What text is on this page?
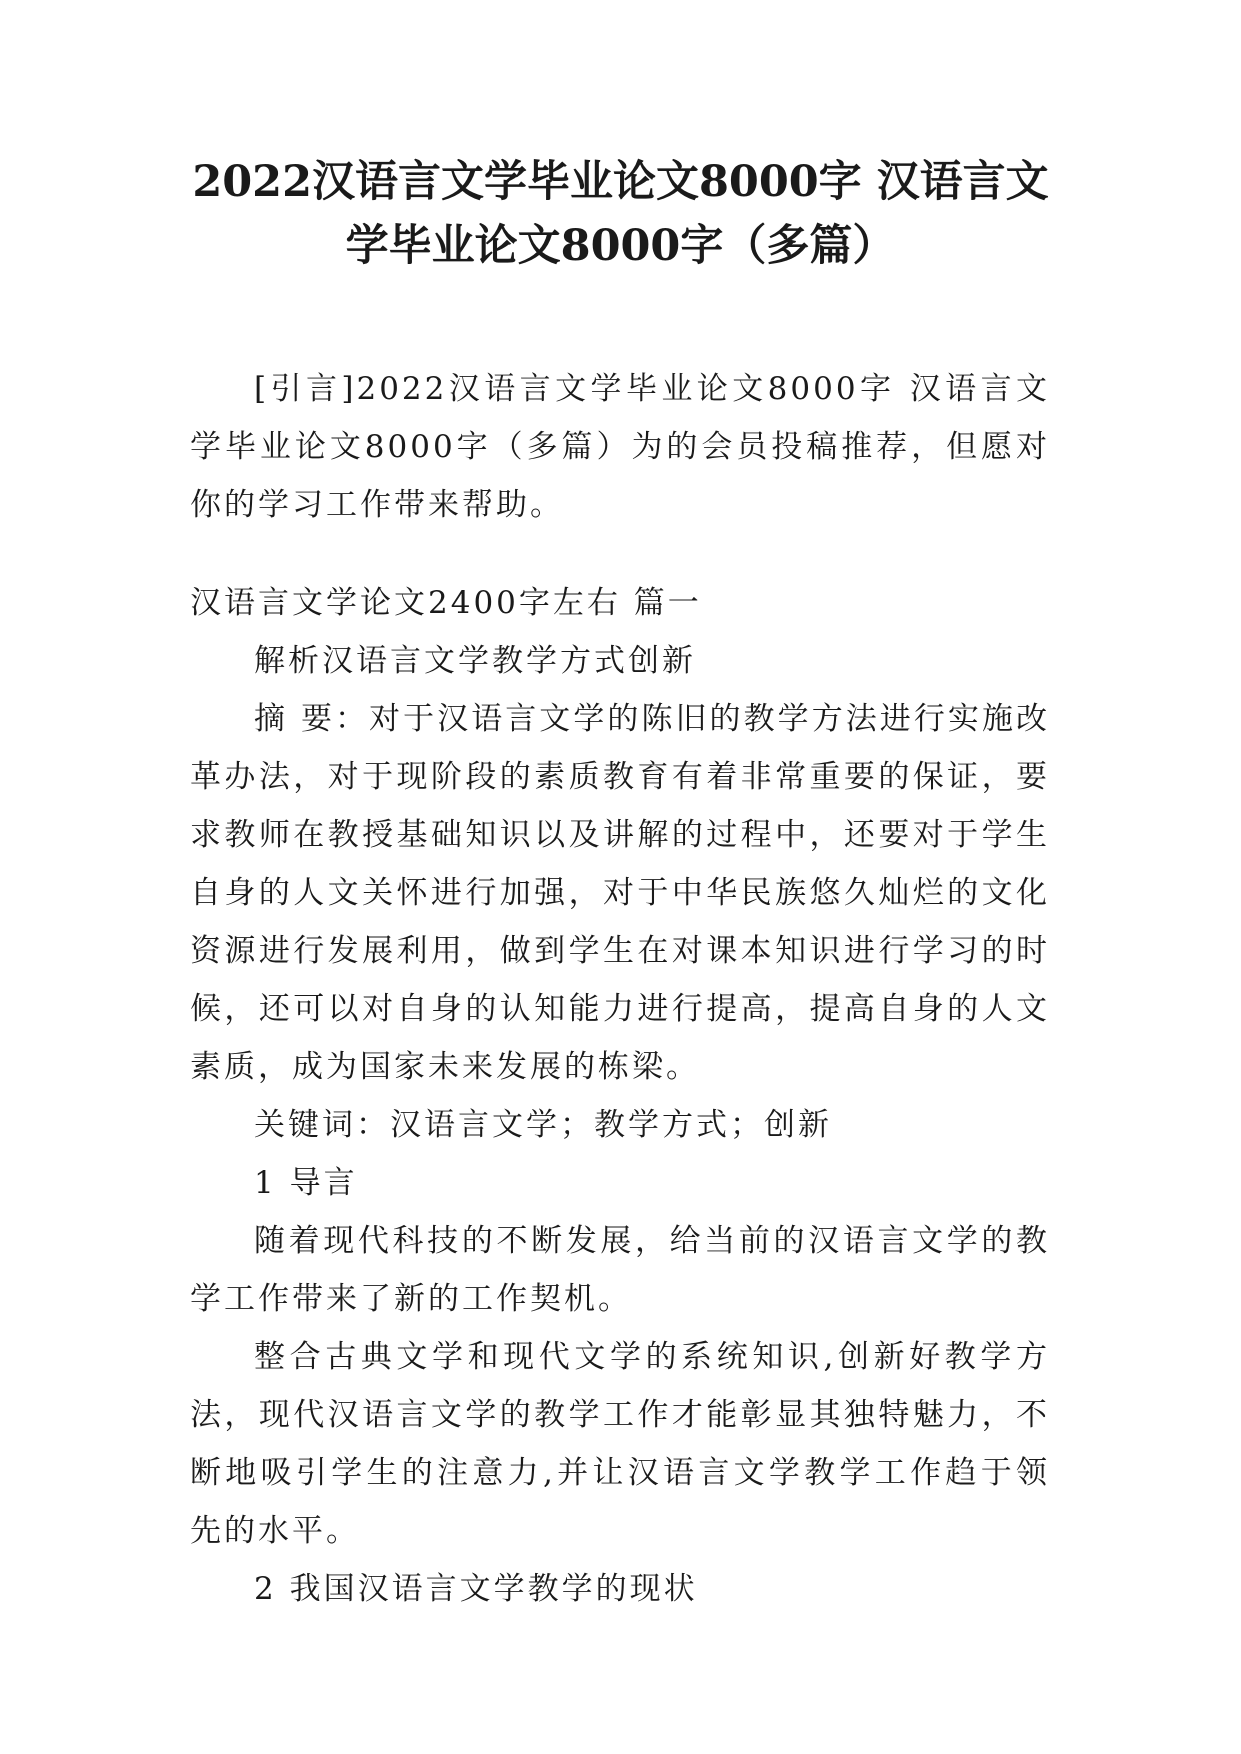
2022汉语言文学毕业论文8000字 汉语言文
学毕业论文8000字（多篇）

[引言]2022汉语言文学毕业论文8000字 汉语言文学毕业论文8000字（多篇）为的会员投稿推荐，但愿对你的学习工作带来帮助。

汉语言文学论文2400字左右 篇一

解析汉语言文学教学方式创新

摘 要：对于汉语言文学的陈旧的教学方法进行实施改革办法，对于现阶段的素质教育有着非常重要的保证，要求教师在教授基础知识以及讲解的过程中，还要对于学生自身的人文关怀进行加强，对于中华民族悠久灿烂的文化资源进行发展利用，做到学生在对课本知识进行学习的时候，还可以对自身的认知能力进行提高，提高自身的人文素质，成为国家未来发展的栋梁。

关键词：汉语言文学；教学方式；创新

1 导言

随着现代科技的不断发展，给当前的汉语言文学的教学工作带来了新的工作契机。

整合古典文学和现代文学的系统知识,创新好教学方法，现代汉语言文学的教学工作才能彰显其独特魅力，不断地吸引学生的注意力,并让汉语言文学教学工作趋于领先的水平。

2 我国汉语言文学教学的现状
